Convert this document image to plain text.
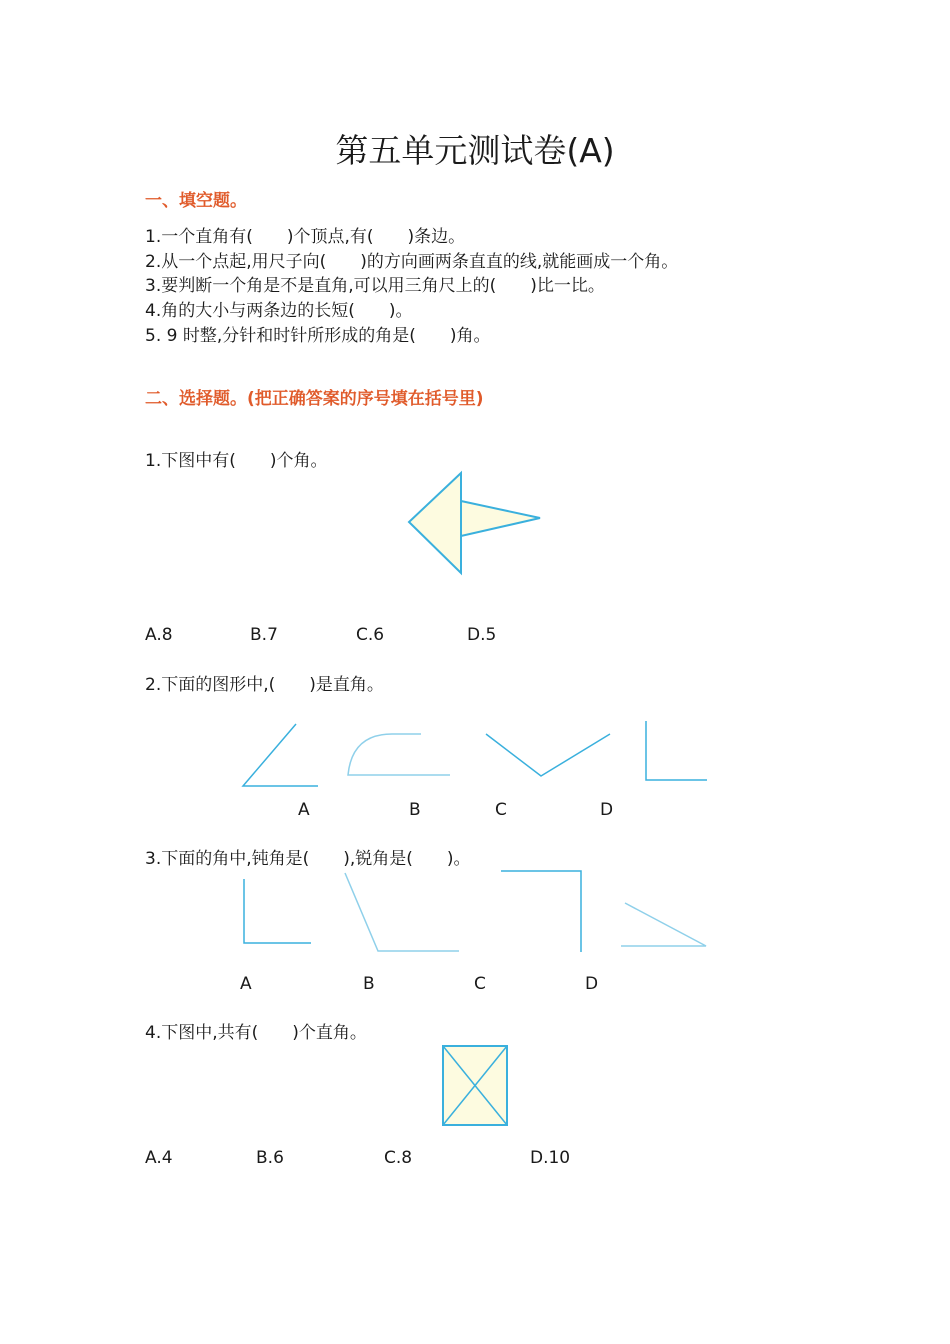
第五单元测试卷(A)
一、填空题。
1.一个直角有(　　)个顶点,有(　　)条边。
2.从一个点起,用尺子向(　　)的方向画两条直直的线,就能画成一个角。
3.要判断一个角是不是直角,可以用三角尺上的(　　)比一比。
4.角的大小与两条边的长短(　　)。
5. 9 时整,分针和时针所形成的角是(　　)角。
二、选择题。(把正确答案的序号填在括号里)
1.下图中有(　　)个角。
A.8	B.7	C.6	D.5
2.下面的图形中,(　　)是直角。
A	B	C	D
3.下面的角中,钝角是(　　),锐角是(　　)。
A	B	C	D
4.下图中,共有(　　)个直角。
A.4	B.6	C.8	D.10
